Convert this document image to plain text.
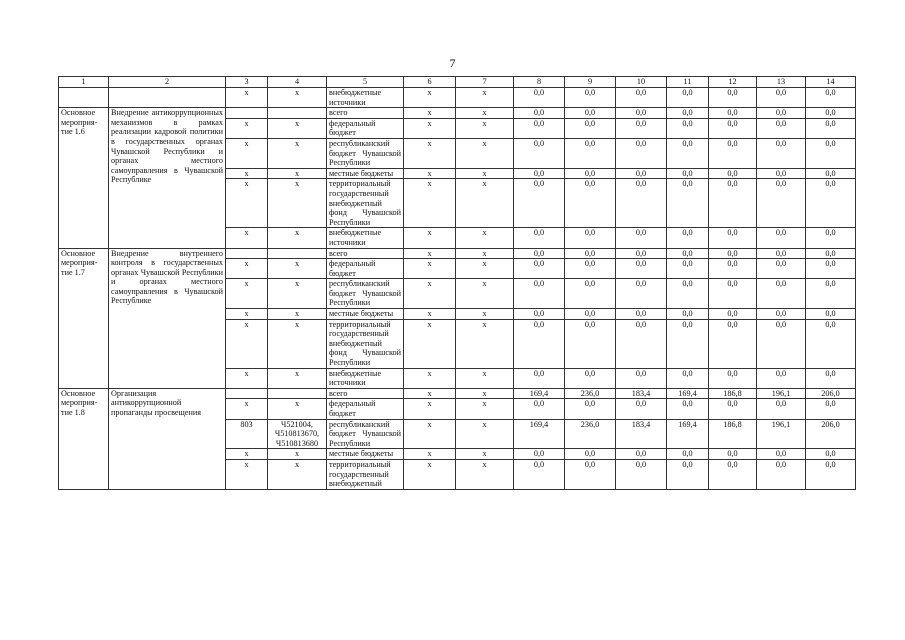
7
1	2	3	4	5	6	7	8	9	10	11	12	13	14
		x	x	внебюджетные источники	x	x	0,0	0,0	0,0	0,0	0,0	0,0	0,0
Основное мероприя-тие 1.6	Внедрение антикоррупционных механизмов в рамках реализации кадровой политики в государственных органах Чувашской Республики и органах местного самоуправления в Чувашской Республике			всего	x	x	0,0	0,0	0,0	0,0	0,0	0,0	0,0
		x	x	федеральный бюджет	x	x	0,0	0,0	0,0	0,0	0,0	0,0	0,0
		x	x	республиканский бюджет Чувашской Республики	x	x	0,0	0,0	0,0	0,0	0,0	0,0	0,0
		x	x	местные бюджеты	x	x	0,0	0,0	0,0	0,0	0,0	0,0	0,0
		x	x	территориальный государственный внебюджетный фонд Чувашской Республики	x	x	0,0	0,0	0,0	0,0	0,0	0,0	0,0
		x	x	внебюджетные источники	x	x	0,0	0,0	0,0	0,0	0,0	0,0	0,0
Основное мероприя-тие 1.7	Внедрение внутреннего контроля в государственных органах Чувашской Республики и органах местного самоуправления в Чувашской Республике			всего	x	x	0,0	0,0	0,0	0,0	0,0	0,0	0,0
		x	x	федеральный бюджет	x	x	0,0	0,0	0,0	0,0	0,0	0,0	0,0
		x	x	республиканский бюджет Чувашской Республики	x	x	0,0	0,0	0,0	0,0	0,0	0,0	0,0
		x	x	местные бюджеты	x	x	0,0	0,0	0,0	0,0	0,0	0,0	0,0
		x	x	территориальный государственный внебюджетный фонд Чувашской Республики	x	x	0,0	0,0	0,0	0,0	0,0	0,0	0,0
		x	x	внебюджетные источники	x	x	0,0	0,0	0,0	0,0	0,0	0,0	0,0
Основное мероприя-тие 1.8	Организация антикоррупционной пропаганды просвещения			всего	x	x	169,4	236,0	183,4	169,4	186,8	196,1	206,0
		x	x	федеральный бюджет	x	x	0,0	0,0	0,0	0,0	0,0	0,0	0,0
		803	Ч521004, Ч510813670, Ч510813680	республиканский бюджет Чувашской Республики	x	x	169,4	236,0	183,4	169,4	186,8	196,1	206,0
		x	x	местные бюджеты	x	x	0,0	0,0	0,0	0,0	0,0	0,0	0,0
		x	x	территориальный государственный внебюджетный	x	x	0,0	0,0	0,0	0,0	0,0	0,0	0,0
